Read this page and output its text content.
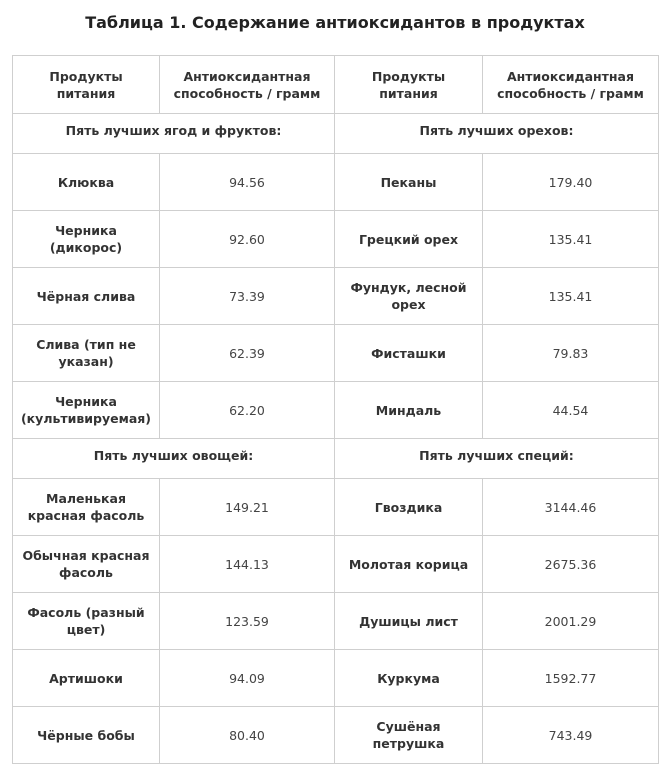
Таблица 1. Содержание антиоксидантов в продуктах
Продукты питания	Антиоксидантная способность / грамм	Продукты питания	Антиоксидантная способность / грамм
Пять лучших ягод и фруктов:		Пять лучших орехов:	
Клюква	94.56	Пеканы	179.40
Черника (дикорос)	92.60	Грецкий орех	135.41
Чёрная слива	73.39	Фундук, лесной орех	135.41
Слива (тип не указан)	62.39	Фисташки	79.83
Черника (культивируемая)	62.20	Миндаль	44.54
Пять лучших овощей:		Пять лучших специй:	
Маленькая красная фасоль	149.21	Гвоздика	3144.46
Обычная красная фасоль	144.13	Молотая корица	2675.36
Фасоль (разный цвет)	123.59	Душицы лист	2001.29
Артишоки	94.09	Куркума	1592.77
Чёрные бобы	80.40	Сушёная петрушка	743.49
